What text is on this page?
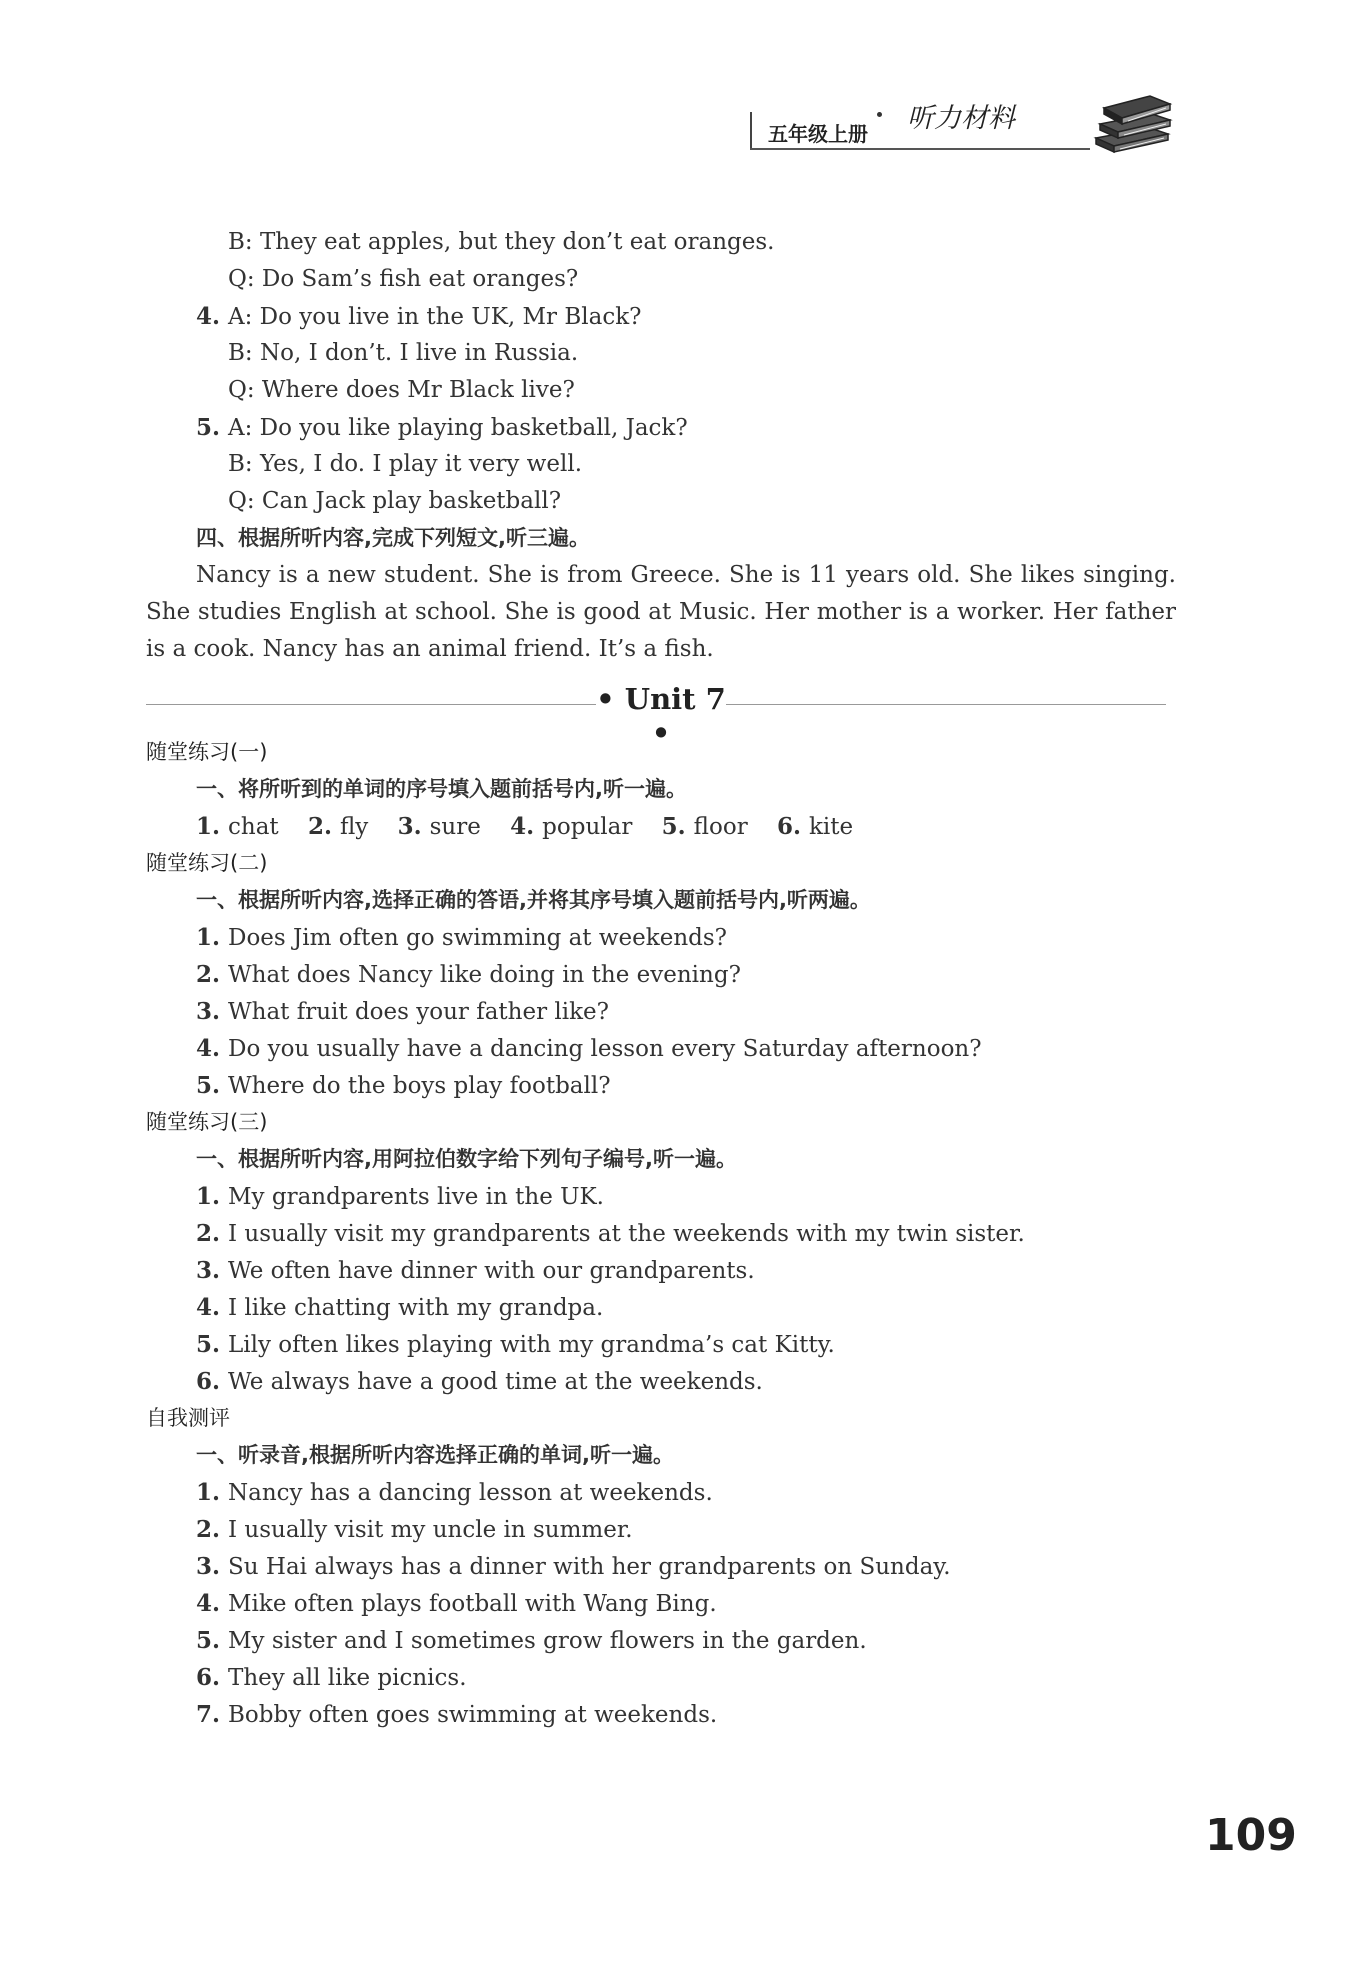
五年级上册 听力材料
B: They eat apples, but they don’t eat oranges.
Q: Do Sam’s fish eat oranges?
4. A: Do you live in the UK, Mr Black?
B: No, I don’t. I live in Russia.
Q: Where does Mr Black live?
5. A: Do you like playing basketball, Jack?
B: Yes, I do. I play it very well.
Q: Can Jack play basketball?
四、根据所听内容,完成下列短文,听三遍。
Nancy is a new student. She is from Greece. She is 11 years old. She likes singing. She studies English at school. She is good at Music. Her mother is a worker. Her father is a cook. Nancy has an animal friend. It’s a fish.
• Unit 7 •
随堂练习(一)
一、将所听到的单词的序号填入题前括号内,听一遍。
1. chat 2. fly 3. sure 4. popular 5. floor 6. kite
随堂练习(二)
一、根据所听内容,选择正确的答语,并将其序号填入题前括号内,听两遍。
1. Does Jim often go swimming at weekends?
2. What does Nancy like doing in the evening?
3. What fruit does your father like?
4. Do you usually have a dancing lesson every Saturday afternoon?
5. Where do the boys play football?
随堂练习(三)
一、根据所听内容,用阿拉伯数字给下列句子编号,听一遍。
1. My grandparents live in the UK.
2. I usually visit my grandparents at the weekends with my twin sister.
3. We often have dinner with our grandparents.
4. I like chatting with my grandpa.
5. Lily often likes playing with my grandma’s cat Kitty.
6. We always have a good time at the weekends.
自我测评
一、听录音,根据所听内容选择正确的单词,听一遍。
1. Nancy has a dancing lesson at weekends.
2. I usually visit my uncle in summer.
3. Su Hai always has a dinner with her grandparents on Sunday.
4. Mike often plays football with Wang Bing.
5. My sister and I sometimes grow flowers in the garden.
6. They all like picnics.
7. Bobby often goes swimming at weekends.
109
